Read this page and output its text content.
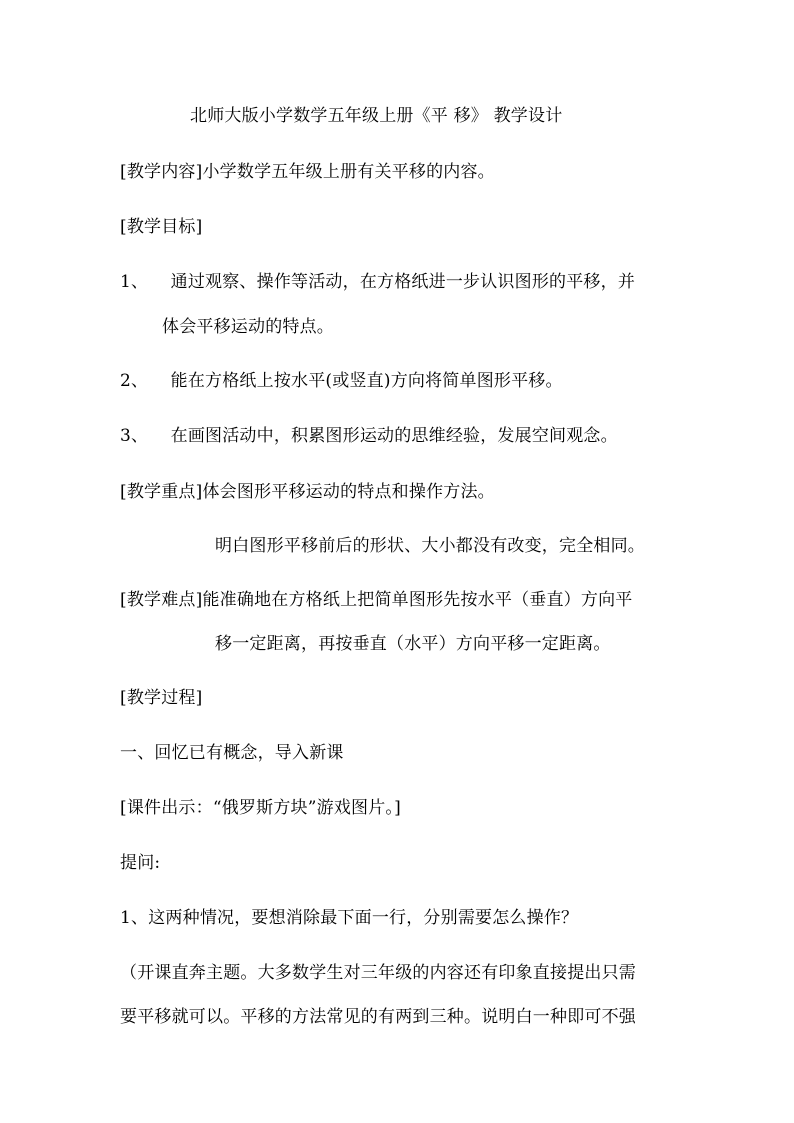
北师大版小学数学五年级上册《平 移》 教学设计
[教学内容]小学数学五年级上册有关平移的内容。
[教学目标]
1、    通过观察、操作等活动，在方格纸进一步认识图形的平移，并
体会平移运动的特点。
2、    能在方格纸上按水平(或竖直)方向将简单图形平移。
3、    在画图活动中，积累图形运动的思维经验，发展空间观念。
[教学重点]体会图形平移运动的特点和操作方法。
明白图形平移前后的形状、大小都没有改变，完全相同。
[教学难点]能准确地在方格纸上把简单图形先按水平（垂直）方向平
移一定距离，再按垂直（水平）方向平移一定距离。
[教学过程]
一、回忆已有概念，导入新课
[课件出示：“俄罗斯方块”游戏图片。]
提问:
1、这两种情况，要想消除最下面一行，分别需要怎么操作？
（开课直奔主题。大多数学生对三年级的内容还有印象直接提出只需
要平移就可以。平移的方法常见的有两到三种。说明白一种即可不强
